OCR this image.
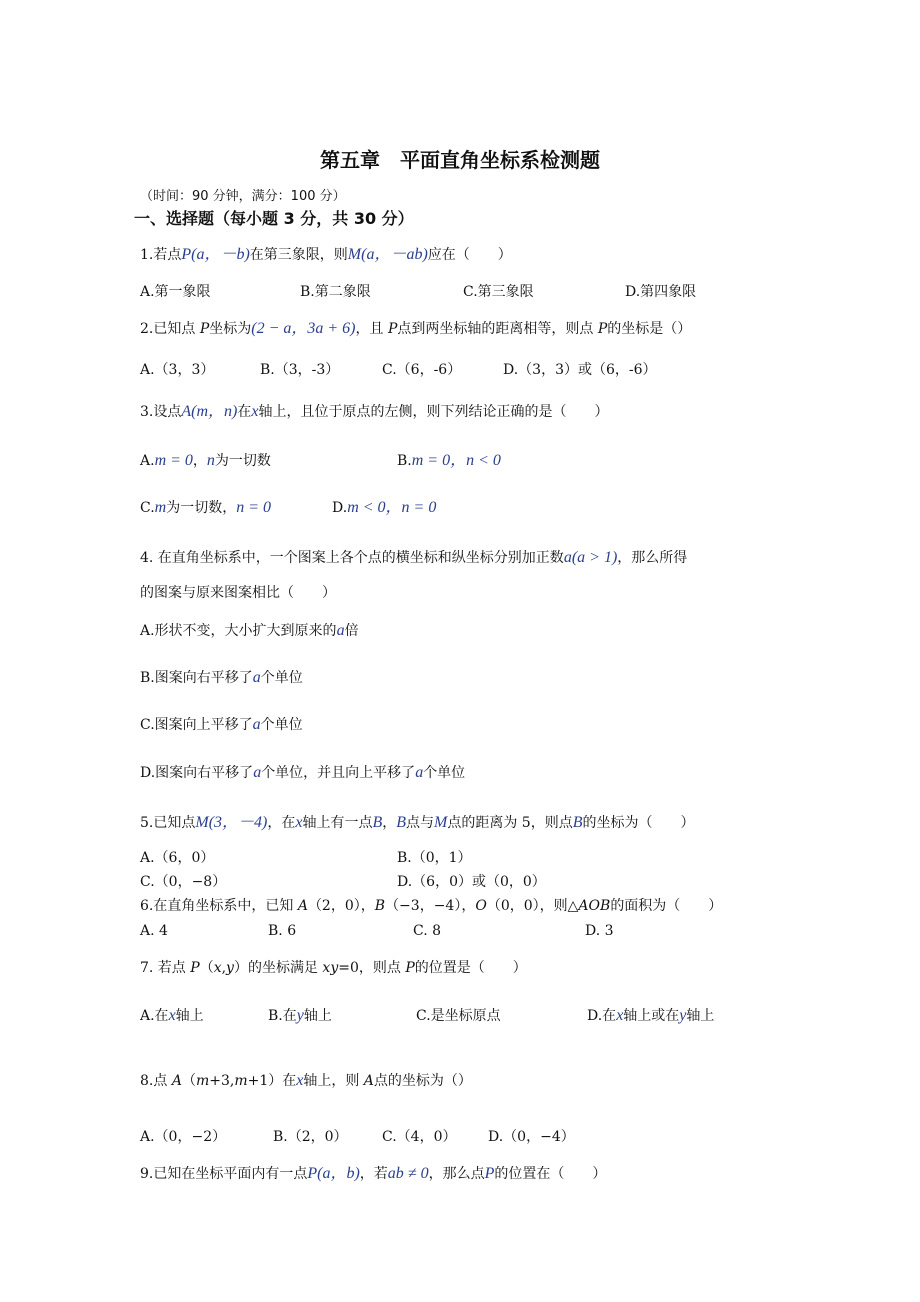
第五章　平面直角坐标系检测题
（时间：90 分钟，满分：100 分）
一、选择题（每小题 3 分，共 30 分）
1.若点P(a，－b)在第三象限，则M(a，－ab)应在（　　）
A.第一象限	B.第二象限	C.第三象限	D.第四象限
2.已知点 P坐标为(2 − a，3a + 6)，且 P点到两坐标轴的距离相等，则点 P的坐标是（）
A.（3，3）	B.（3，-3）	C.（6，-6）	D.（3，3）或（6，-6）
3.设点A(m，n)在x轴上，且位于原点的左侧，则下列结论正确的是（　　）
A.m = 0，n为一切数	B.m = 0，n < 0
C.m为一切数，n = 0	D.m < 0，n = 0
4. 在直角坐标系中，一个图案上各个点的横坐标和纵坐标分别加正数a(a > 1)，那么所得
的图案与原来图案相比（　　）
A.形状不变，大小扩大到原来的a倍
B.图案向右平移了a个单位
C.图案向上平移了a个单位
D.图案向右平移了a个单位，并且向上平移了a个单位
5.已知点M(3，－4)，在x轴上有一点B，B点与M点的距离为 5，则点B的坐标为（　　）
A.（6，0）	B.（0，1）
C.（0，−8）	D.（6，0）或（0，0）
6.在直角坐标系中，已知 A（2，0），B（−3，−4），O（0，0），则△AOB的面积为（　　）
A. 4	B. 6	C. 8	D. 3
7. 若点 P（x,y）的坐标满足 xy=0，则点 P的位置是（　　）
A.在x轴上	B.在y轴上	C.是坐标原点	D.在x轴上或在y轴上
8.点 A（m+3,m+1）在x轴上，则 A点的坐标为（）
A.（0，−2）	B.（2，0） C.（4，0） D.（0，−4）
9.已知在坐标平面内有一点P(a，b)，若ab ≠ 0，那么点P的位置在（　　）
